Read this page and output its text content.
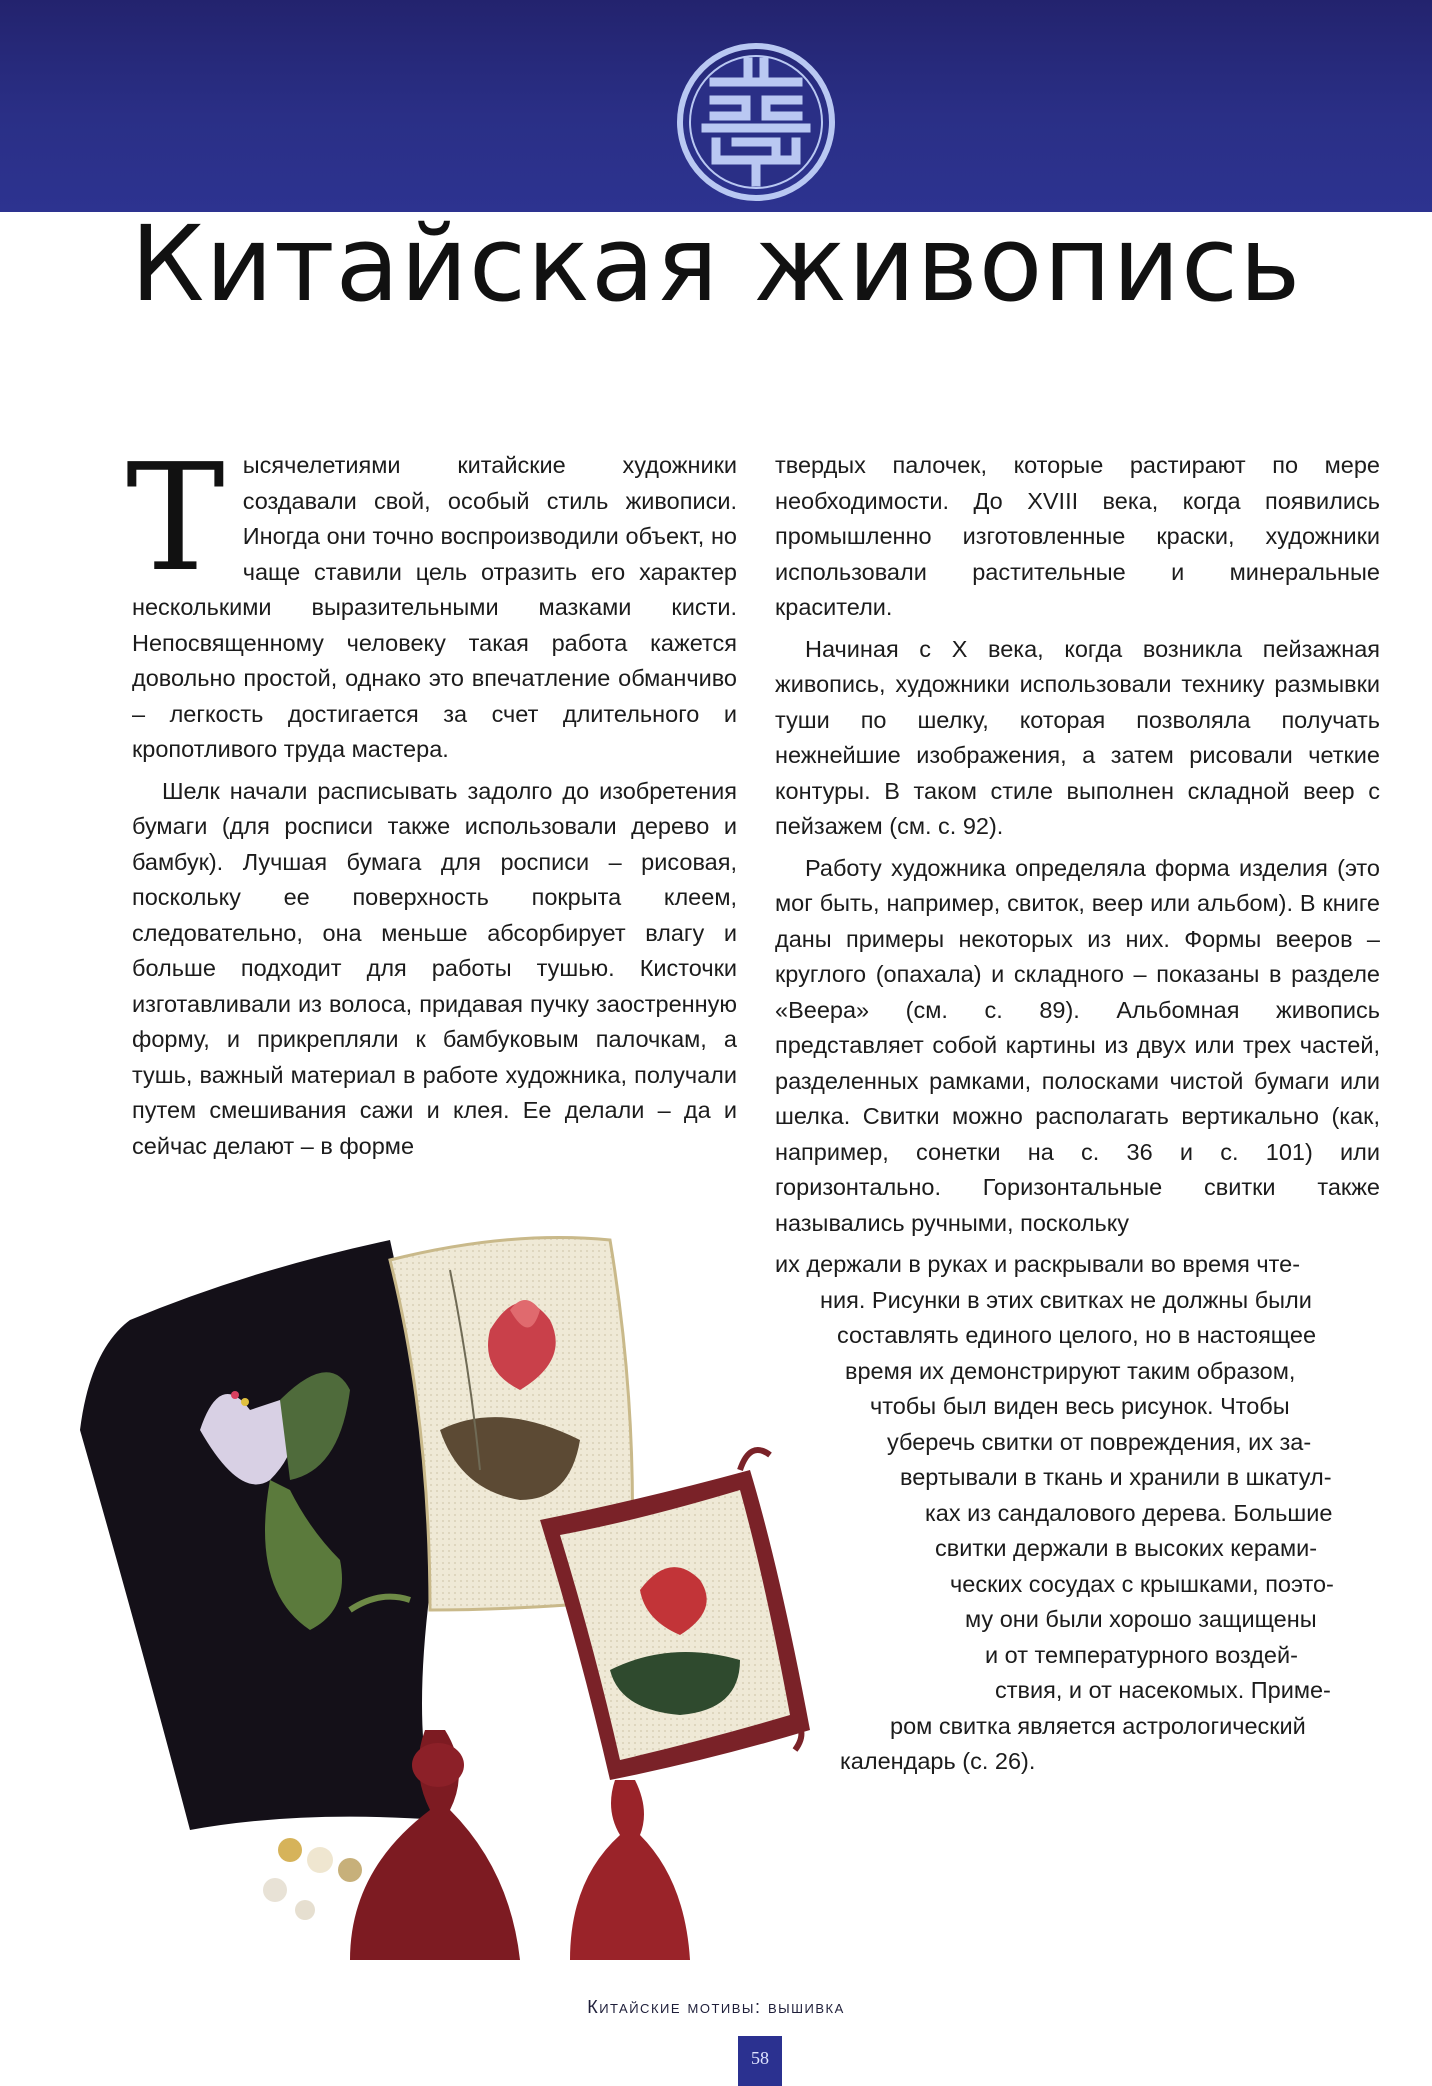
Китайская живопись

Тысячелетиями китайские художники создавали свой, особый стиль живописи. Иногда они точно воспроизводили объект, но чаще ставили цель отразить его характер несколькими выразительными мазками кисти. Непосвященному человеку такая работа кажется довольно простой, однако это впечатление обманчиво – легкость достигается за счет длительного и кропотливого труда мастера.

Шелк начали расписывать задолго до изобретения бумаги (для росписи также использовали дерево и бамбук). Лучшая бумага для росписи – рисовая, поскольку ее поверхность покрыта клеем, следовательно, она меньше абсорбирует влагу и больше подходит для работы тушью. Кисточки изготавливали из волоса, придавая пучку заостренную форму, и прикрепляли к бамбуковым палочкам, а тушь, важный материал в работе художника, получали путем смешивания сажи и клея. Ее делали – да и сейчас делают – в форме

твердых палочек, которые растирают по мере необходимости. До XVIII века, когда появились промышленно изготовленные краски, художники использовали растительные и минеральные красители.

Начиная с X века, когда возникла пейзажная живопись, художники использовали технику размывки туши по шелку, которая позволяла получать нежнейшие изображения, а затем рисовали четкие контуры. В таком стиле выполнен складной веер с пейзажем (см. с. 92).

Работу художника определяла форма изделия (это мог быть, например, свиток, веер или альбом). В книге даны примеры некоторых из них. Формы вееров – круглого (опахала) и складного – показаны в разделе «Веера» (см. с. 89). Альбомная живопись представляет собой картины из двух или трех частей, разделенных рамками, полосками чистой бумаги или шелка. Свитки можно располагать вертикально (как, например, сонетки на с. 36 и с. 101) или горизонтально. Горизонтальные свитки также назывались ручными, поскольку

их держали в руках и раскрывали во время чте-
ния. Рисунки в этих свитках не должны были
составлять единого целого, но в настоящее
время их демонстрируют таким образом,
чтобы был виден весь рисунок. Чтобы
уберечь свитки от повреждения, их за-
вертывали в ткань и хранили в шкатул-
ках из сандалового дерева. Большие
свитки держали в высоких керами-
ческих сосудах с крышками, поэто-
му они были хорошо защищены
и от температурного воздей-
ствия, и от насекомых. Приме-
ром свитка является астрологический
календарь (с. 26).
Китайские мотивы: вышивка
58
